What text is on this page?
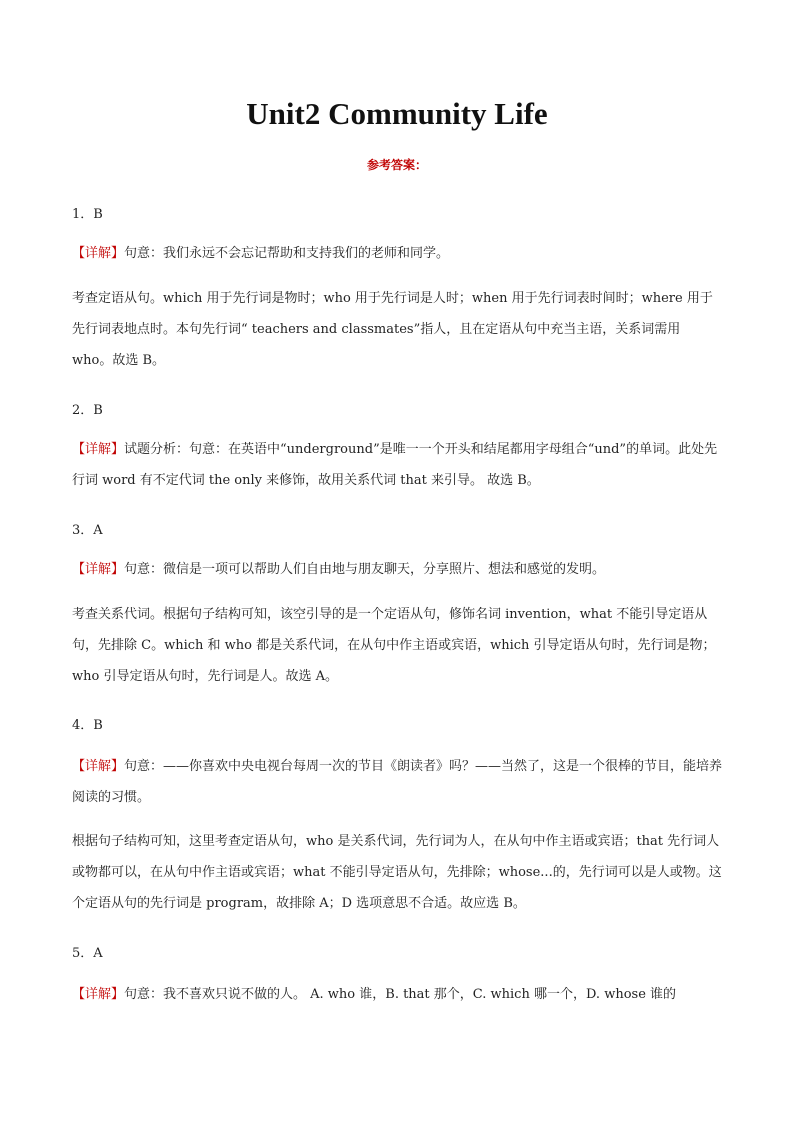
Unit2 Community Life
参考答案：
1．B
【详解】句意：我们永远不会忘记帮助和支持我们的老师和同学。
考查定语从句。which 用于先行词是物时；who 用于先行词是人时；when 用于先行词表时间时；where 用于先行词表地点时。本句先行词“ teachers and classmates”指人，且在定语从句中充当主语，关系词需用 who。故选 B。
2．B
【详解】试题分析：句意：在英语中“underground”是唯一一个开头和结尾都用字母组合“und”的单词。此处先行词 word 有不定代词 the only 来修饰，故用关系代词 that 来引导。 故选 B。
3．A
【详解】句意：微信是一项可以帮助人们自由地与朋友聊天，分享照片、想法和感觉的发明。
考查关系代词。根据句子结构可知，该空引导的是一个定语从句，修饰名词 invention，what 不能引导定语从句，先排除 C。which 和 who 都是关系代词，在从句中作主语或宾语，which 引导定语从句时，先行词是物；who 引导定语从句时，先行词是人。故选 A。
4．B
【详解】句意：——你喜欢中央电视台每周一次的节目《朗读者》吗？——当然了，这是一个很棒的节目，能培养阅读的习惯。
根据句子结构可知，这里考查定语从句，who 是关系代词，先行词为人，在从句中作主语或宾语；that 先行词人或物都可以，在从句中作主语或宾语；what 不能引导定语从句，先排除；whose...的，先行词可以是人或物。这个定语从句的先行词是 program，故排除 A；D 选项意思不合适。故应选 B。
5．A
【详解】句意：我不喜欢只说不做的人。 A. who 谁，B. that 那个，C. which 哪一个，D. whose 谁的
